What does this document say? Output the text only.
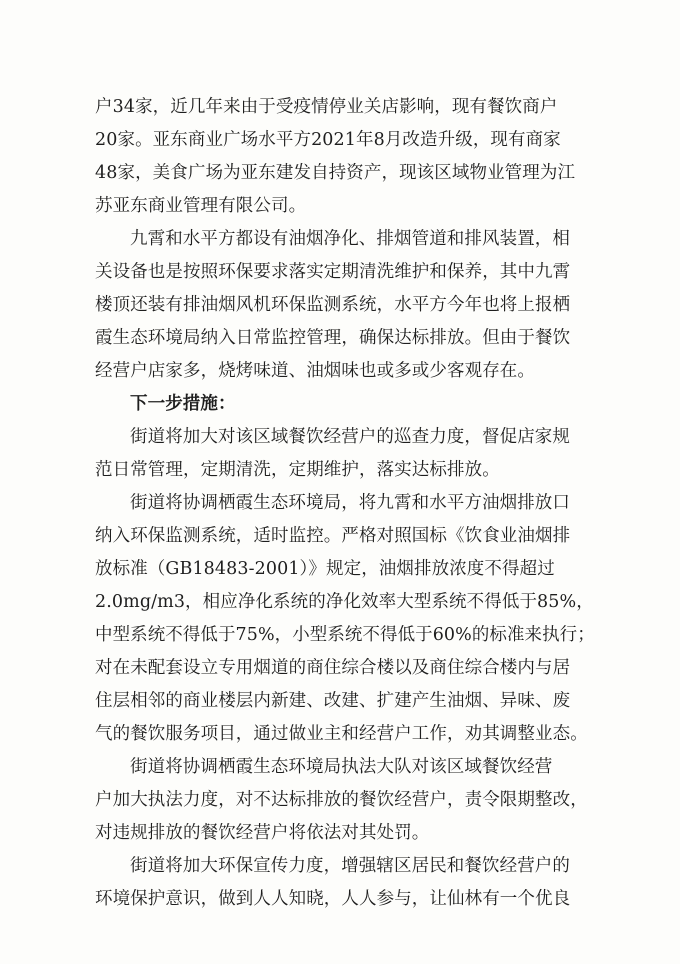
户34家，近几年来由于受疫情停业关店影响，现有餐饮商户
20家。亚东商业广场水平方2021年8月改造升级，现有商家
48家，美食广场为亚东建发自持资产，现该区域物业管理为江
苏亚东商业管理有限公司。
九霄和水平方都设有油烟净化、排烟管道和排风装置，相
关设备也是按照环保要求落实定期清洗维护和保养，其中九霄
楼顶还装有排油烟风机环保监测系统，水平方今年也将上报栖
霞生态环境局纳入日常监控管理，确保达标排放。但由于餐饮
经营户店家多，烧烤味道、油烟味也或多或少客观存在。
下一步措施：
街道将加大对该区域餐饮经营户的巡查力度，督促店家规
范日常管理，定期清洗，定期维护，落实达标排放。
街道将协调栖霞生态环境局，将九霄和水平方油烟排放口
纳入环保监测系统，适时监控。严格对照国标《饮食业油烟排
放标准（GB18483-2001）》规定，油烟排放浓度不得超过
2.0mg/m3，相应净化系统的净化效率大型系统不得低于85%，
中型系统不得低于75%，小型系统不得低于60%的标准来执行；
对在未配套设立专用烟道的商住综合楼以及商住综合楼内与居
住层相邻的商业楼层内新建、改建、扩建产生油烟、异味、废
气的餐饮服务项目，通过做业主和经营户工作，劝其调整业态。
街道将协调栖霞生态环境局执法大队对该区域餐饮经营
户加大执法力度，对不达标排放的餐饮经营户，责令限期整改，
对违规排放的餐饮经营户将依法对其处罚。
街道将加大环保宣传力度，增强辖区居民和餐饮经营户的
环境保护意识，做到人人知晓，人人参与，让仙林有一个优良
